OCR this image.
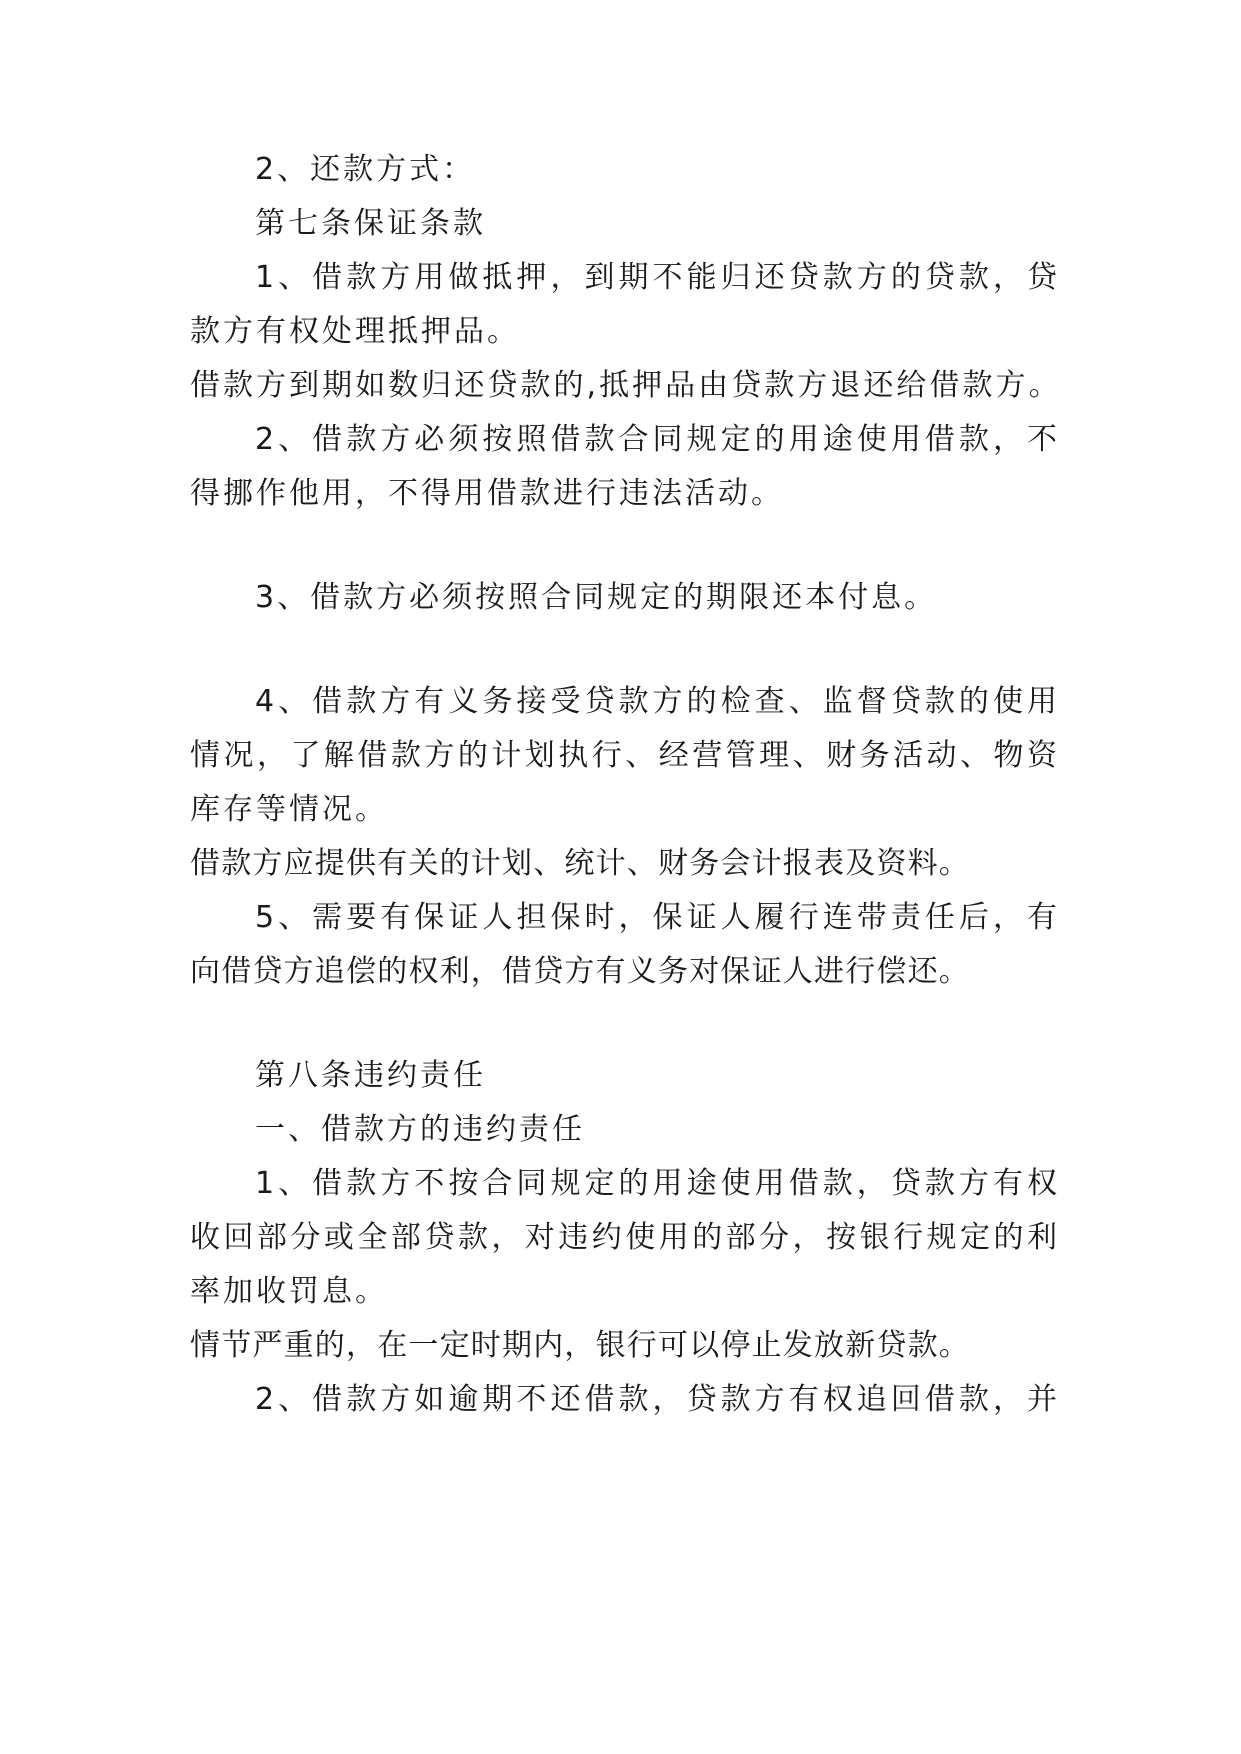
2、还款方式：
第七条保证条款
1、借款方用做抵押，到期不能归还贷款方的贷款，贷
款方有权处理抵押品。
借款方到期如数归还贷款的,抵押品由贷款方退还给借款方。
2、借款方必须按照借款合同规定的用途使用借款，不
得挪作他用，不得用借款进行违法活动。
3、借款方必须按照合同规定的期限还本付息。
4、借款方有义务接受贷款方的检查、监督贷款的使用
情况，了解借款方的计划执行、经营管理、财务活动、物资
库存等情况。
借款方应提供有关的计划、统计、财务会计报表及资料。
5、需要有保证人担保时，保证人履行连带责任后，有
向借贷方追偿的权利，借贷方有义务对保证人进行偿还。
第八条违约责任
一、借款方的违约责任
1、借款方不按合同规定的用途使用借款，贷款方有权
收回部分或全部贷款，对违约使用的部分，按银行规定的利
率加收罚息。
情节严重的，在一定时期内，银行可以停止发放新贷款。
2、借款方如逾期不还借款，贷款方有权追回借款，并
